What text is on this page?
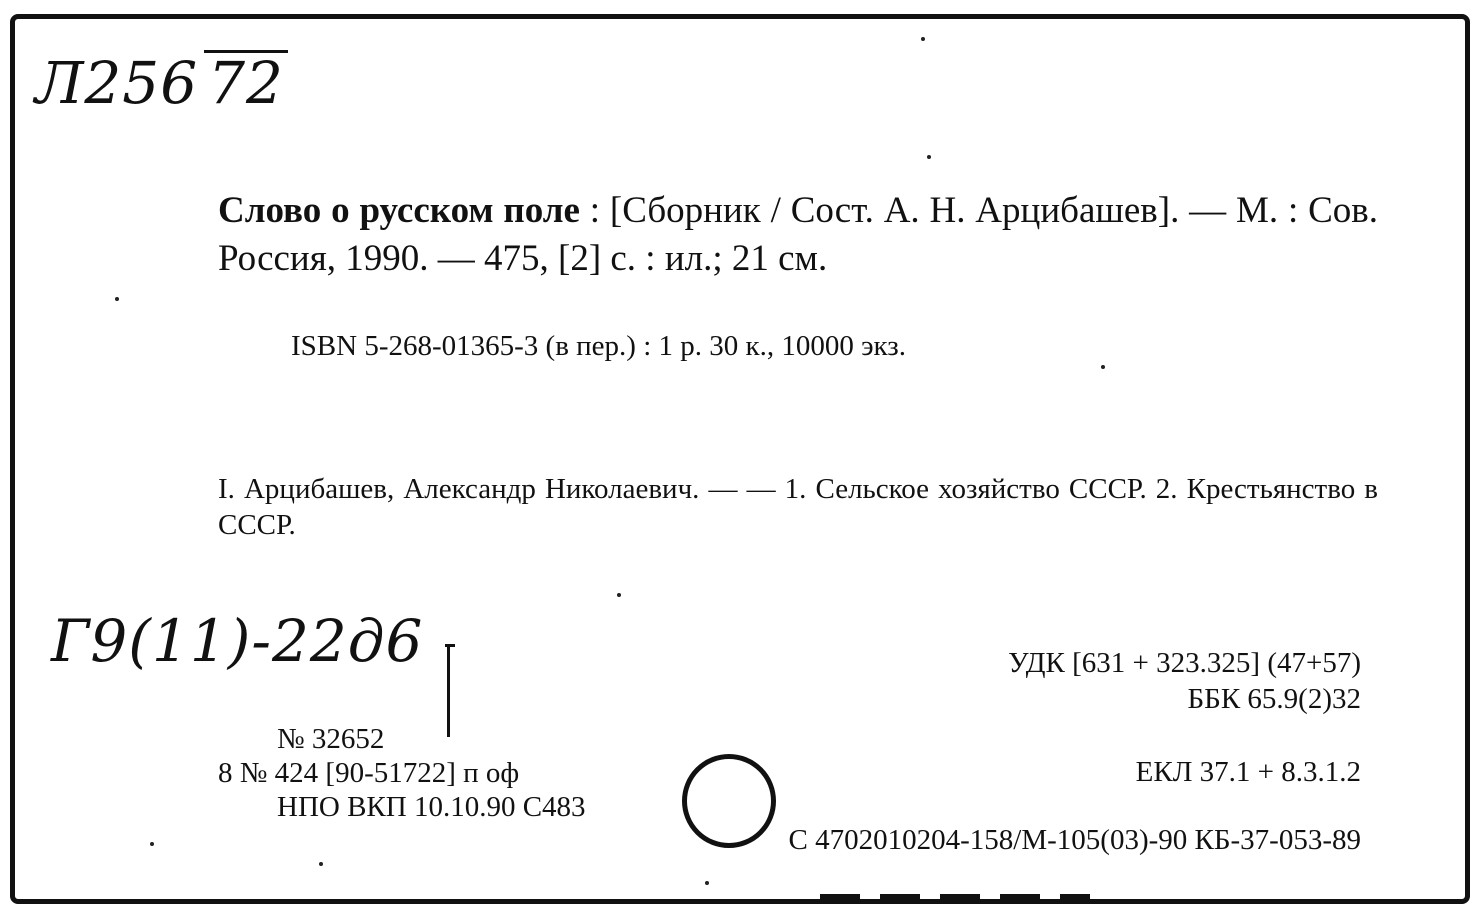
Л256 72
Слово о русском поле : [Сборник / Сост. А. Н. Арцибашев]. — М. : Сов. Россия, 1990. — 475, [2] с. : ил.; 21 см.
ISBN 5-268-01365-3 (в пер.) : 1 р. 30 к., 10000 экз.
I. Арцибашев, Александр Николаевич. — — 1. Сельское хозяйство СССР. 2. Крестьянство в СССР.
Г9(11)-22д6	УДК [631 + 323.325] (47+57)
ББК 65.9(2)32
ЕКЛ 37.1 + 8.3.1.2
№ 32652
8 № 424 [90-51722] п оф
НПО ВКП 10.10.90 С483
С 4702010204-158/М-105(03)-90 КБ-37-053-89
